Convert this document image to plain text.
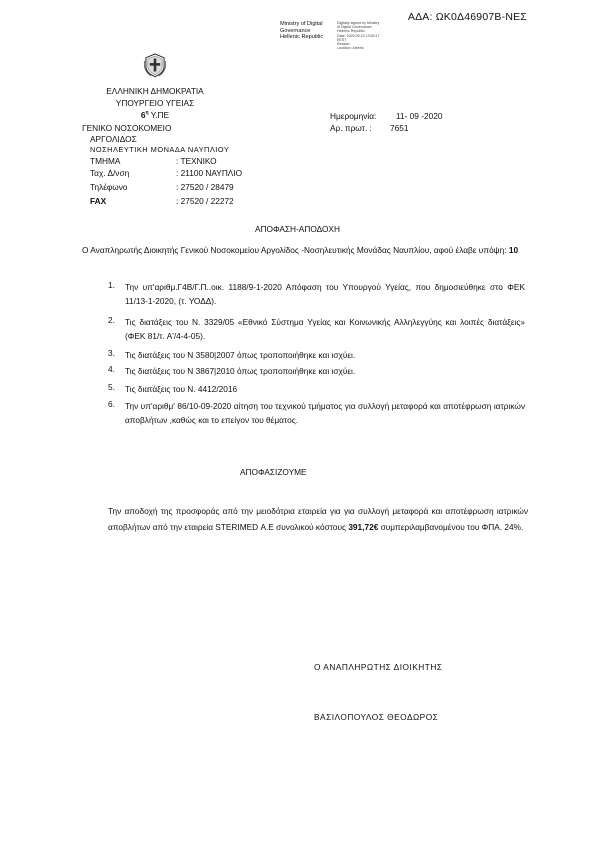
ΑΔΑ: ΩΚ0Δ46907Β-ΝΕΣ
Ministry of Digital
Governance
Hellenic Republic
Digitally signed by Ministry
of Digital Governance,
Hellenic Republic
Date: 2020.09.15 13:50:17
EEST
Reason:
Location: Athens
ΕΛΛΗΝΙΚΗ ΔΗΜΟΚΡΑΤΙΑ
ΥΠΟΥΡΓΕΙΟ ΥΓΕΙΑΣ
$6^\eta$ Υ.ΠΕ
ΓΕΝΙΚΟ ΝΟΣΟΚΟΜΕΙΟ
ΑΡΓΟΛΙΔΟΣ
ΝΟΣΗΛΕΥΤΙΚΗ ΜΟΝΑΔΑ ΝΑΥΠΛΙΟΥ
ΤΜΗΜΑ	: ΤΕΧΝΙΚΟ
Ταχ. Δ/νση	: 21100 ΝΑΥΠΛΙΟ
Τηλέφωνο	: 27520 / 28479
FAX	: 27520 / 22272
Ημερομηνία: 11- 09 -2020
Αρ. πρωτ. : 7651
ΑΠΟΦΑΣΗ-ΑΠΟΔΟΧΗ
Ο Αναπληρωτής Διοικητής Γενικού Νοσοκομείου Αργολίδος -Νοσηλευτικής Μονάδας Ναυπλίου, αφού έλαβε υπόψη: 10
1. Την υπ'αριθμ.Γ4Β/Γ.Π..οικ. 1188/9-1-2020 Απόφαση του Υπουργού Υγείας, που δημοσιεύθηκε στο ΦΕΚ 11/13-1-2020, (τ. ΥΟΔΔ).
2. Τις διατάξεις του Ν. 3329/05 «Εθνικό Σύστημα Υγείας και Κοινωνικής Αλληλεγγύης και λοιπές διατάξεις» (ΦΕΚ 81/τ. Α'/4-4-05).
3. Τις διατάξεις του Ν 3580|2007 όπως τροποποιήθηκε και ισχύει.
4. Τις διατάξεις του Ν 3867|2010 όπως τροποποιήθηκε και ισχύει.
5. Τις διατάξεις του Ν. 4412/2016
6. Την υπ'αριθμ' 86/10-09-2020 αίτηση του τεχνικού τμήματος για συλλογή μεταφορά και αποτέφρωση ιατρικών αποβλήτων ,καθώς και το επείγον του θέματος.
ΑΠΟΦΑΣΙΖΟΥΜΕ
Την αποδοχή της προσφοράς από την μειοδότρια εταιρεία για για συλλογή μεταφορά και αποτέφρωση ιατρικών αποβλήτων από την εταιρεία STERIMED Α.Ε συνολικού κόστους 391,72€ συμπεριλαμβανομένου του ΦΠΑ. 24%.
Ο ΑΝΑΠΛΗΡΩΤΗΣ ΔΙΟΙΚΗΤΗΣ
ΒΑΣΙΛΟΠΟΥΛΟΣ ΘΕΟΔΩΡΟΣ
